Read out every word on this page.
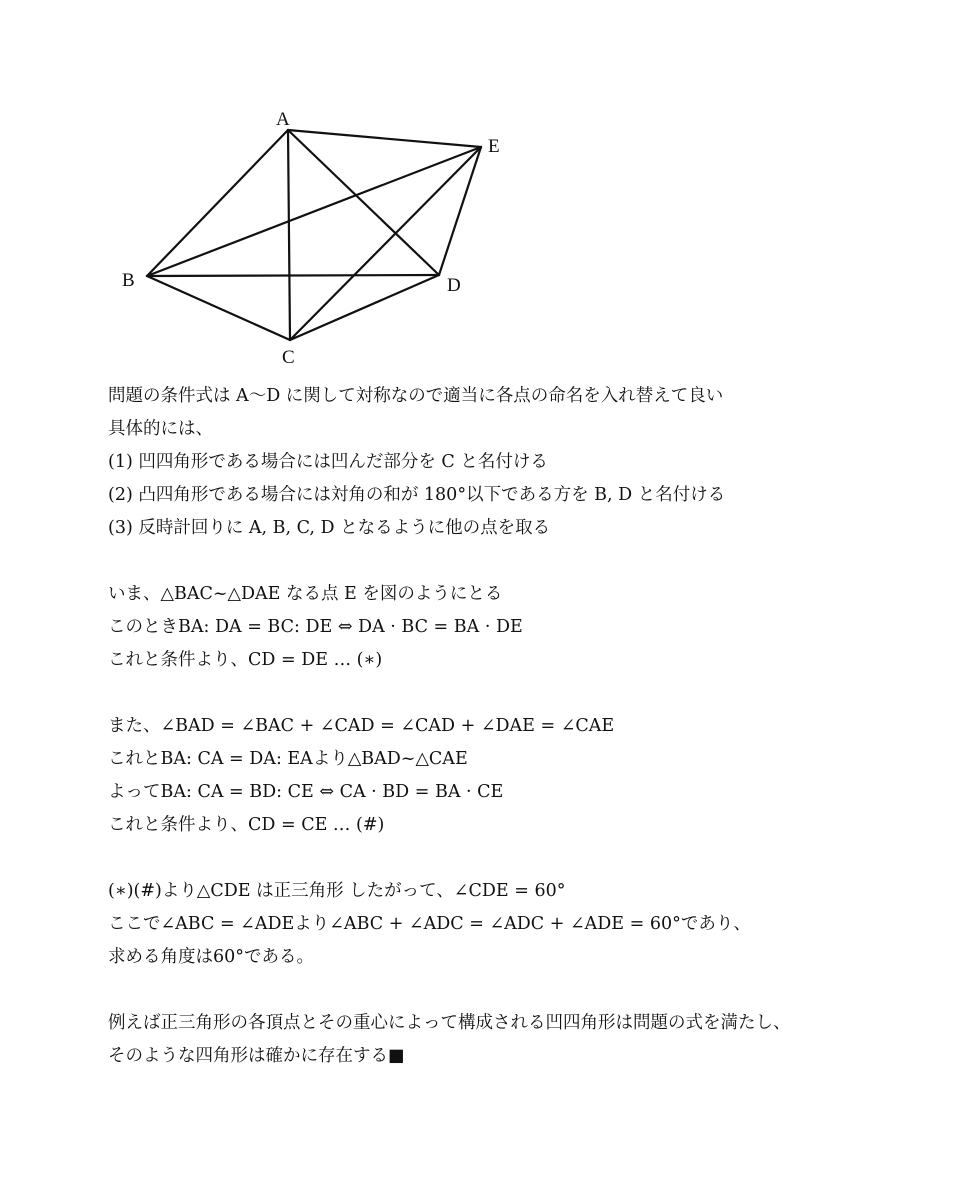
A
B
C
D
E
問題の条件式は A〜D に関して対称なので適当に各点の命名を入れ替えて良い
具体的には、
(1) 凹四角形である場合には凹んだ部分を C と名付ける
(2) 凸四角形である場合には対角の和が 180°以下である方を B, D と名付ける
(3) 反時計回りに A, B, C, D となるように他の点を取る
いま、△BAC~△DAE なる点 E を図のようにとる
このときBA: DA = BC: DE ⇔ DA · BC = BA · DE
これと条件より、CD = DE … (∗)
また、∠BAD = ∠BAC + ∠CAD = ∠CAD + ∠DAE = ∠CAE
これとBA: CA = DA: EAより△BAD~△CAE
よってBA: CA = BD: CE ⇔ CA · BD = BA · CE
これと条件より、CD = CE … (#)
(∗)(#)より△CDE は正三角形 したがって、∠CDE = 60°
ここで∠ABC = ∠ADEより∠ABC + ∠ADC = ∠ADC + ∠ADE = 60°であり、
求める角度は60°である。
例えば正三角形の各頂点とその重心によって構成される凹四角形は問題の式を満たし、
そのような四角形は確かに存在する■
